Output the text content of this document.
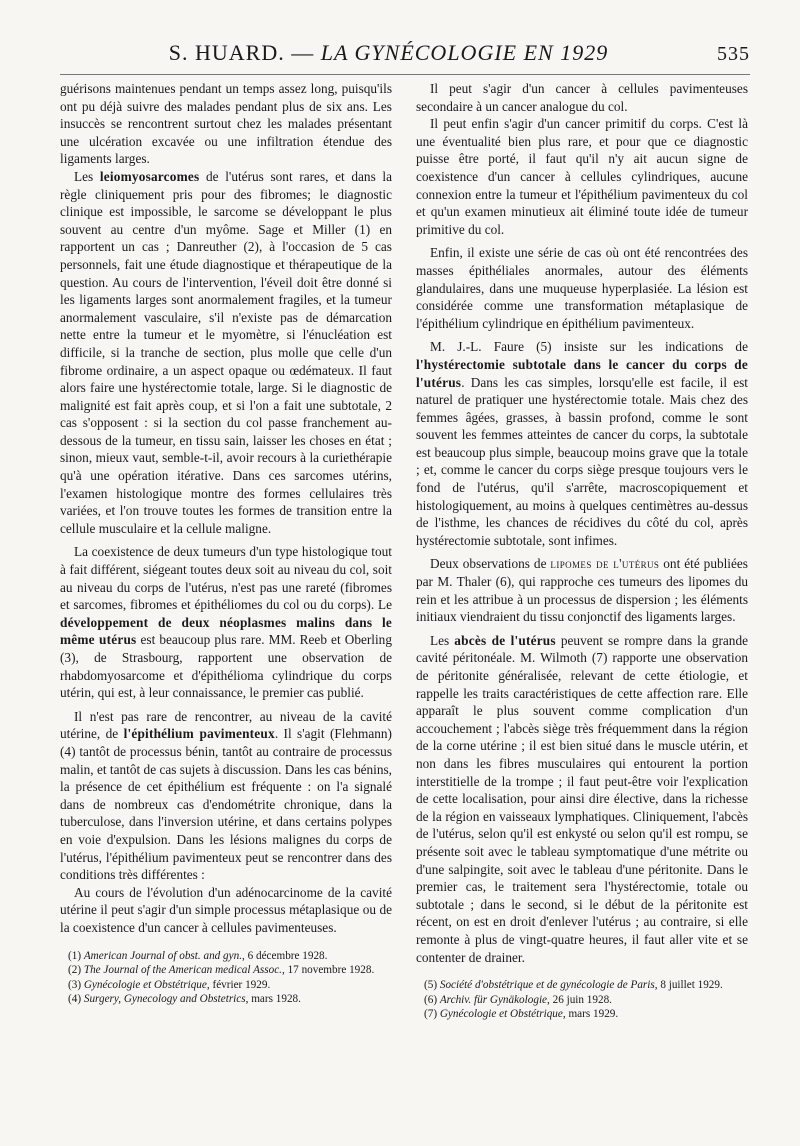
S. HUARD. — LA GYNÉCOLOGIE EN 1929	535

guérisons maintenues pendant un temps assez long, puisqu'ils ont pu déjà suivre des malades pendant plus de six ans. Les insuccès se rencontrent surtout chez les malades présentant une ulcération excavée ou une infiltration étendue des ligaments larges.

Les leiomyosarcomes de l'utérus sont rares, et dans la règle cliniquement pris pour des fibromes; le diagnostic clinique est impossible, le sarcome se développant le plus souvent au centre d'un myôme. Sage et Miller (1) en rapportent un cas ; Danreuther (2), à l'occasion de 5 cas personnels, fait une étude diagnostique et thérapeutique de la question. Au cours de l'intervention, l'éveil doit être donné si les ligaments larges sont anormalement fragiles, et la tumeur anormalement vasculaire, s'il n'existe pas de démarcation nette entre la tumeur et le myomètre, si l'énucléation est difficile, si la tranche de section, plus molle que celle d'un fibrome ordinaire, a un aspect opaque ou œdémateux. Il faut alors faire une hystérectomie totale, large. Si le diagnostic de malignité est fait après coup, et si l'on a fait une subtotale, 2 cas s'opposent : si la section du col passe franchement au-dessous de la tumeur, en tissu sain, laisser les choses en état ; sinon, mieux vaut, semble-t-il, avoir recours à la curiethérapie qu'à une opération itérative. Dans ces sarcomes utérins, l'examen histologique montre des formes cellulaires très variées, et l'on trouve toutes les formes de transition entre la cellule musculaire et la cellule maligne.

La coexistence de deux tumeurs d'un type histologique tout à fait différent, siégeant toutes deux soit au niveau du col, soit au niveau du corps de l'utérus, n'est pas une rareté (fibromes et sarcomes, fibromes et épithéliomes du col ou du corps). Le développement de deux néoplasmes malins dans le même utérus est beaucoup plus rare. MM. Reeb et Oberling (3), de Strasbourg, rapportent une observation de rhabdomyosarcome et d'épithélioma cylindrique du corps utérin, qui est, à leur connaissance, le premier cas publié.

Il n'est pas rare de rencontrer, au niveau de la cavité utérine, de l'épithélium pavimenteux. Il s'agit (Flehmann)(4) tantôt de processus bénin, tantôt au contraire de processus malin, et tantôt de cas sujets à discussion. Dans les cas bénins, la présence de cet épithélium est fréquente : on l'a signalé dans de nombreux cas d'endométrite chronique, dans la tuberculose, dans l'inversion utérine, et dans certains polypes en voie d'expulsion. Dans les lésions malignes du corps de l'utérus, l'épithélium pavimenteux peut se rencontrer dans des conditions très différentes :

Au cours de l'évolution d'un adénocarcinome de la cavité utérine il peut s'agir d'un simple processus métaplasique ou de la coexistence d'un cancer à cellules pavimenteuses.

(1) American Journal of obst. and gyn., 6 décembre 1928.

(2) The Journal of the American medical Assoc., 17 novembre 1928.

(3) Gynécologie et Obstétrique, février 1929.

(4) Surgery, Gynecology and Obstetrics, mars 1928.

Il peut s'agir d'un cancer à cellules pavimenteuses secondaire à un cancer analogue du col.

Il peut enfin s'agir d'un cancer primitif du corps. C'est là une éventualité bien plus rare, et pour que ce diagnostic puisse être porté, il faut qu'il n'y ait aucun signe de coexistence d'un cancer à cellules cylindriques, aucune connexion entre la tumeur et l'épithélium pavimenteux du col et qu'un examen minutieux ait éliminé toute idée de tumeur primitive du col.

Enfin, il existe une série de cas où ont été rencontrées des masses épithéliales anormales, autour des éléments glandulaires, dans une muqueuse hyperplasiée. La lésion est considérée comme une transformation métaplasique de l'épithélium cylindrique en épithélium pavimenteux.

M. J.-L. Faure (5) insiste sur les indications de l'hystérectomie subtotale dans le cancer du corps de l'utérus. Dans les cas simples, lorsqu'elle est facile, il est naturel de pratiquer une hystérectomie totale. Mais chez des femmes âgées, grasses, à bassin profond, comme le sont souvent les femmes atteintes de cancer du corps, la subtotale est beaucoup plus simple, beaucoup moins grave que la totale ; et, comme le cancer du corps siège presque toujours vers le fond de l'utérus, qu'il s'arrête, macroscopiquement et histologiquement, au moins à quelques centimètres au-dessus de l'isthme, les chances de récidives du côté du col, après hystérectomie subtotale, sont infimes.

Deux observations de lipomes de l'utérus ont été publiées par M. Thaler (6), qui rapproche ces tumeurs des lipomes du rein et les attribue à un processus de dispersion ; les éléments initiaux viendraient du tissu conjonctif des ligaments larges.

Les abcès de l'utérus peuvent se rompre dans la grande cavité péritonéale. M. Wilmoth (7) rapporte une observation de péritonite généralisée, relevant de cette étiologie, et rappelle les traits caractéristiques de cette affection rare. Elle apparaît le plus souvent comme complication d'un accouchement ; l'abcès siège très fréquemment dans la région de la corne utérine ; il est bien situé dans le muscle utérin, et non dans les fibres musculaires qui entourent la portion interstitielle de la trompe ; il faut peut-être voir l'explication de cette localisation, pour ainsi dire élective, dans la richesse de la région en vaisseaux lymphatiques. Cliniquement, l'abcès de l'utérus, selon qu'il est enkysté ou selon qu'il est rompu, se présente soit avec le tableau symptomatique d'une métrite ou d'une salpingite, soit avec le tableau d'une péritonite. Dans le premier cas, le traitement sera l'hystérectomie, totale ou subtotale ; dans le second, si le début de la péritonite est récent, on est en droit d'enlever l'utérus ; au contraire, si elle remonte à plus de vingt-quatre heures, il faut aller vite et se contenter de drainer.

(5) Société d'obstétrique et de gynécologie de Paris, 8 juillet 1929.

(6) Archiv. für Gynäkologie, 26 juin 1928.

(7) Gynécologie et Obstétrique, mars 1929.
